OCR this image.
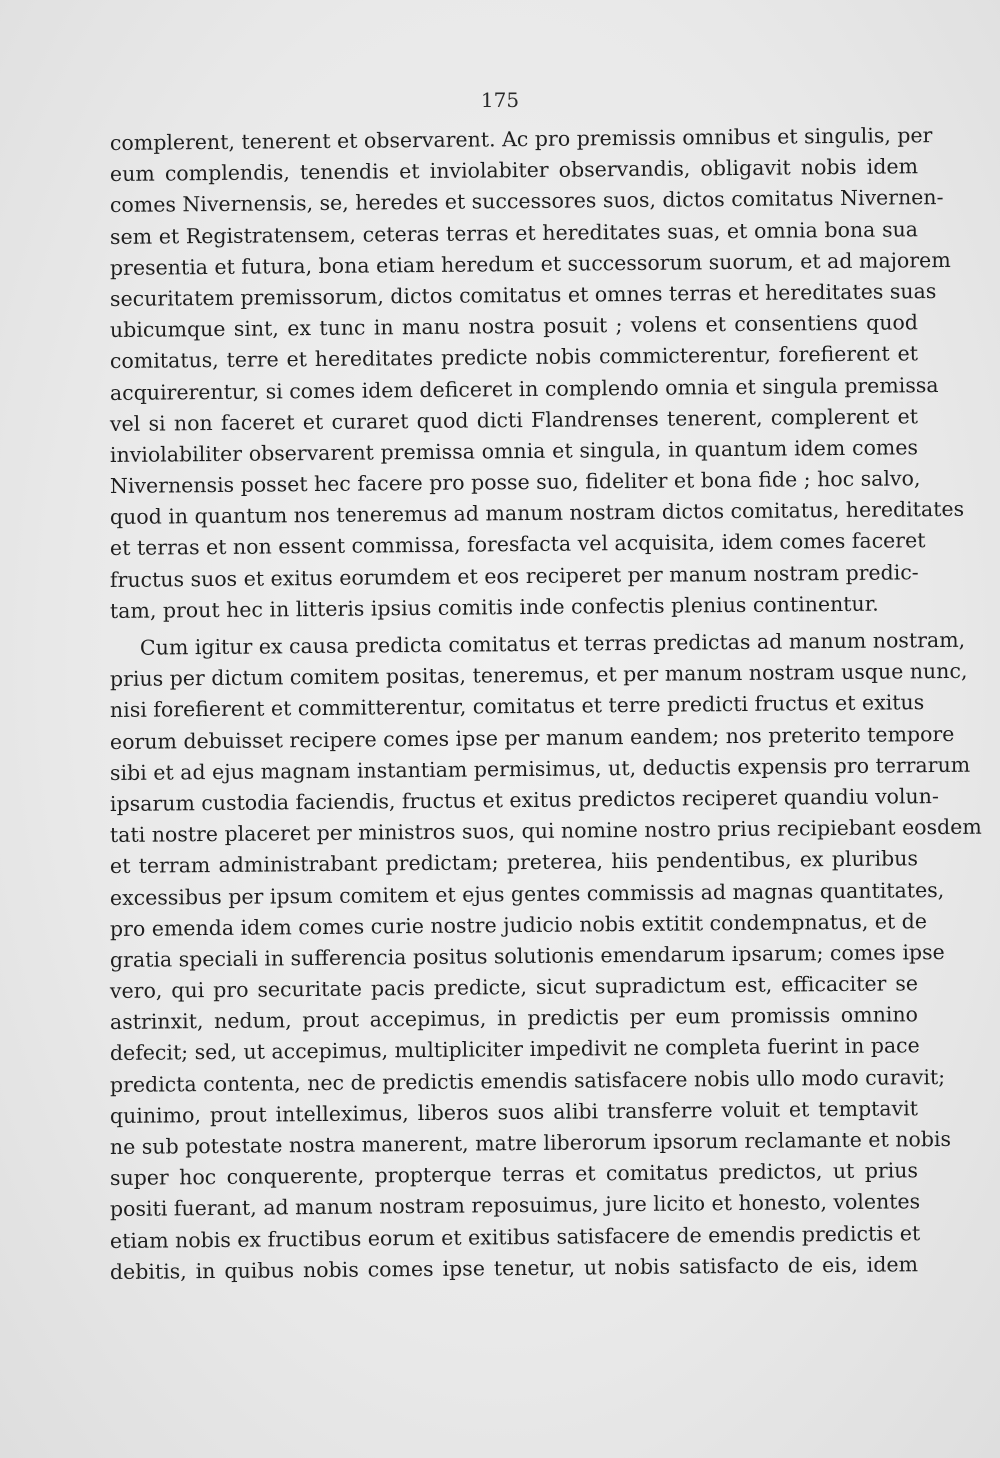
175
complerent, tenerent et observarent. Ac pro premissis omnibus et singulis, per
eum complendis, tenendis et inviolabiter observandis, obligavit nobis idem
comes Nivernensis, se, heredes et successores suos, dictos comitatus Nivernen-
sem et Registratensem, ceteras terras et hereditates suas, et omnia bona sua
presentia et futura, bona etiam heredum et successorum suorum, et ad majorem
securitatem premissorum, dictos comitatus et omnes terras et hereditates suas
ubicumque sint, ex tunc in manu nostra posuit ; volens et consentiens quod
comitatus, terre et hereditates predicte nobis commicterentur, forefierent et
acquirerentur, si comes idem deficeret in complendo omnia et singula premissa
vel si non faceret et curaret quod dicti Flandrenses tenerent, complerent et
inviolabiliter observarent premissa omnia et singula, in quantum idem comes
Nivernensis posset hec facere pro posse suo, fideliter et bona fide ; hoc salvo,
quod in quantum nos teneremus ad manum nostram dictos comitatus, hereditates
et terras et non essent commissa, foresfacta vel acquisita, idem comes faceret
fructus suos et exitus eorumdem et eos reciperet per manum nostram predic-
tam, prout hec in litteris ipsius comitis inde confectis plenius continentur.
Cum igitur ex causa predicta comitatus et terras predictas ad manum nostram,
prius per dictum comitem positas, teneremus, et per manum nostram usque nunc,
nisi forefierent et committerentur, comitatus et terre predicti fructus et exitus
eorum debuisset recipere comes ipse per manum eandem; nos preterito tempore
sibi et ad ejus magnam instantiam permisimus, ut, deductis expensis pro terrarum
ipsarum custodia faciendis, fructus et exitus predictos reciperet quandiu volun-
tati nostre placeret per ministros suos, qui nomine nostro prius recipiebant eosdem
et terram administrabant predictam; preterea, hiis pendentibus, ex pluribus
excessibus per ipsum comitem et ejus gentes commissis ad magnas quantitates,
pro emenda idem comes curie nostre judicio nobis extitit condempnatus, et de
gratia speciali in sufferencia positus solutionis emendarum ipsarum; comes ipse
vero, qui pro securitate pacis predicte, sicut supradictum est, efficaciter se
astrinxit, nedum, prout accepimus, in predictis per eum promissis omnino
defecit; sed, ut accepimus, multipliciter impedivit ne completa fuerint in pace
predicta contenta, nec de predictis emendis satisfacere nobis ullo modo curavit;
quinimo, prout intelleximus, liberos suos alibi transferre voluit et temptavit
ne sub potestate nostra manerent, matre liberorum ipsorum reclamante et nobis
super hoc conquerente, propterque terras et comitatus predictos, ut prius
positi fuerant, ad manum nostram reposuimus, jure licito et honesto, volentes
etiam nobis ex fructibus eorum et exitibus satisfacere de emendis predictis et
debitis, in quibus nobis comes ipse tenetur, ut nobis satisfacto de eis, idem
